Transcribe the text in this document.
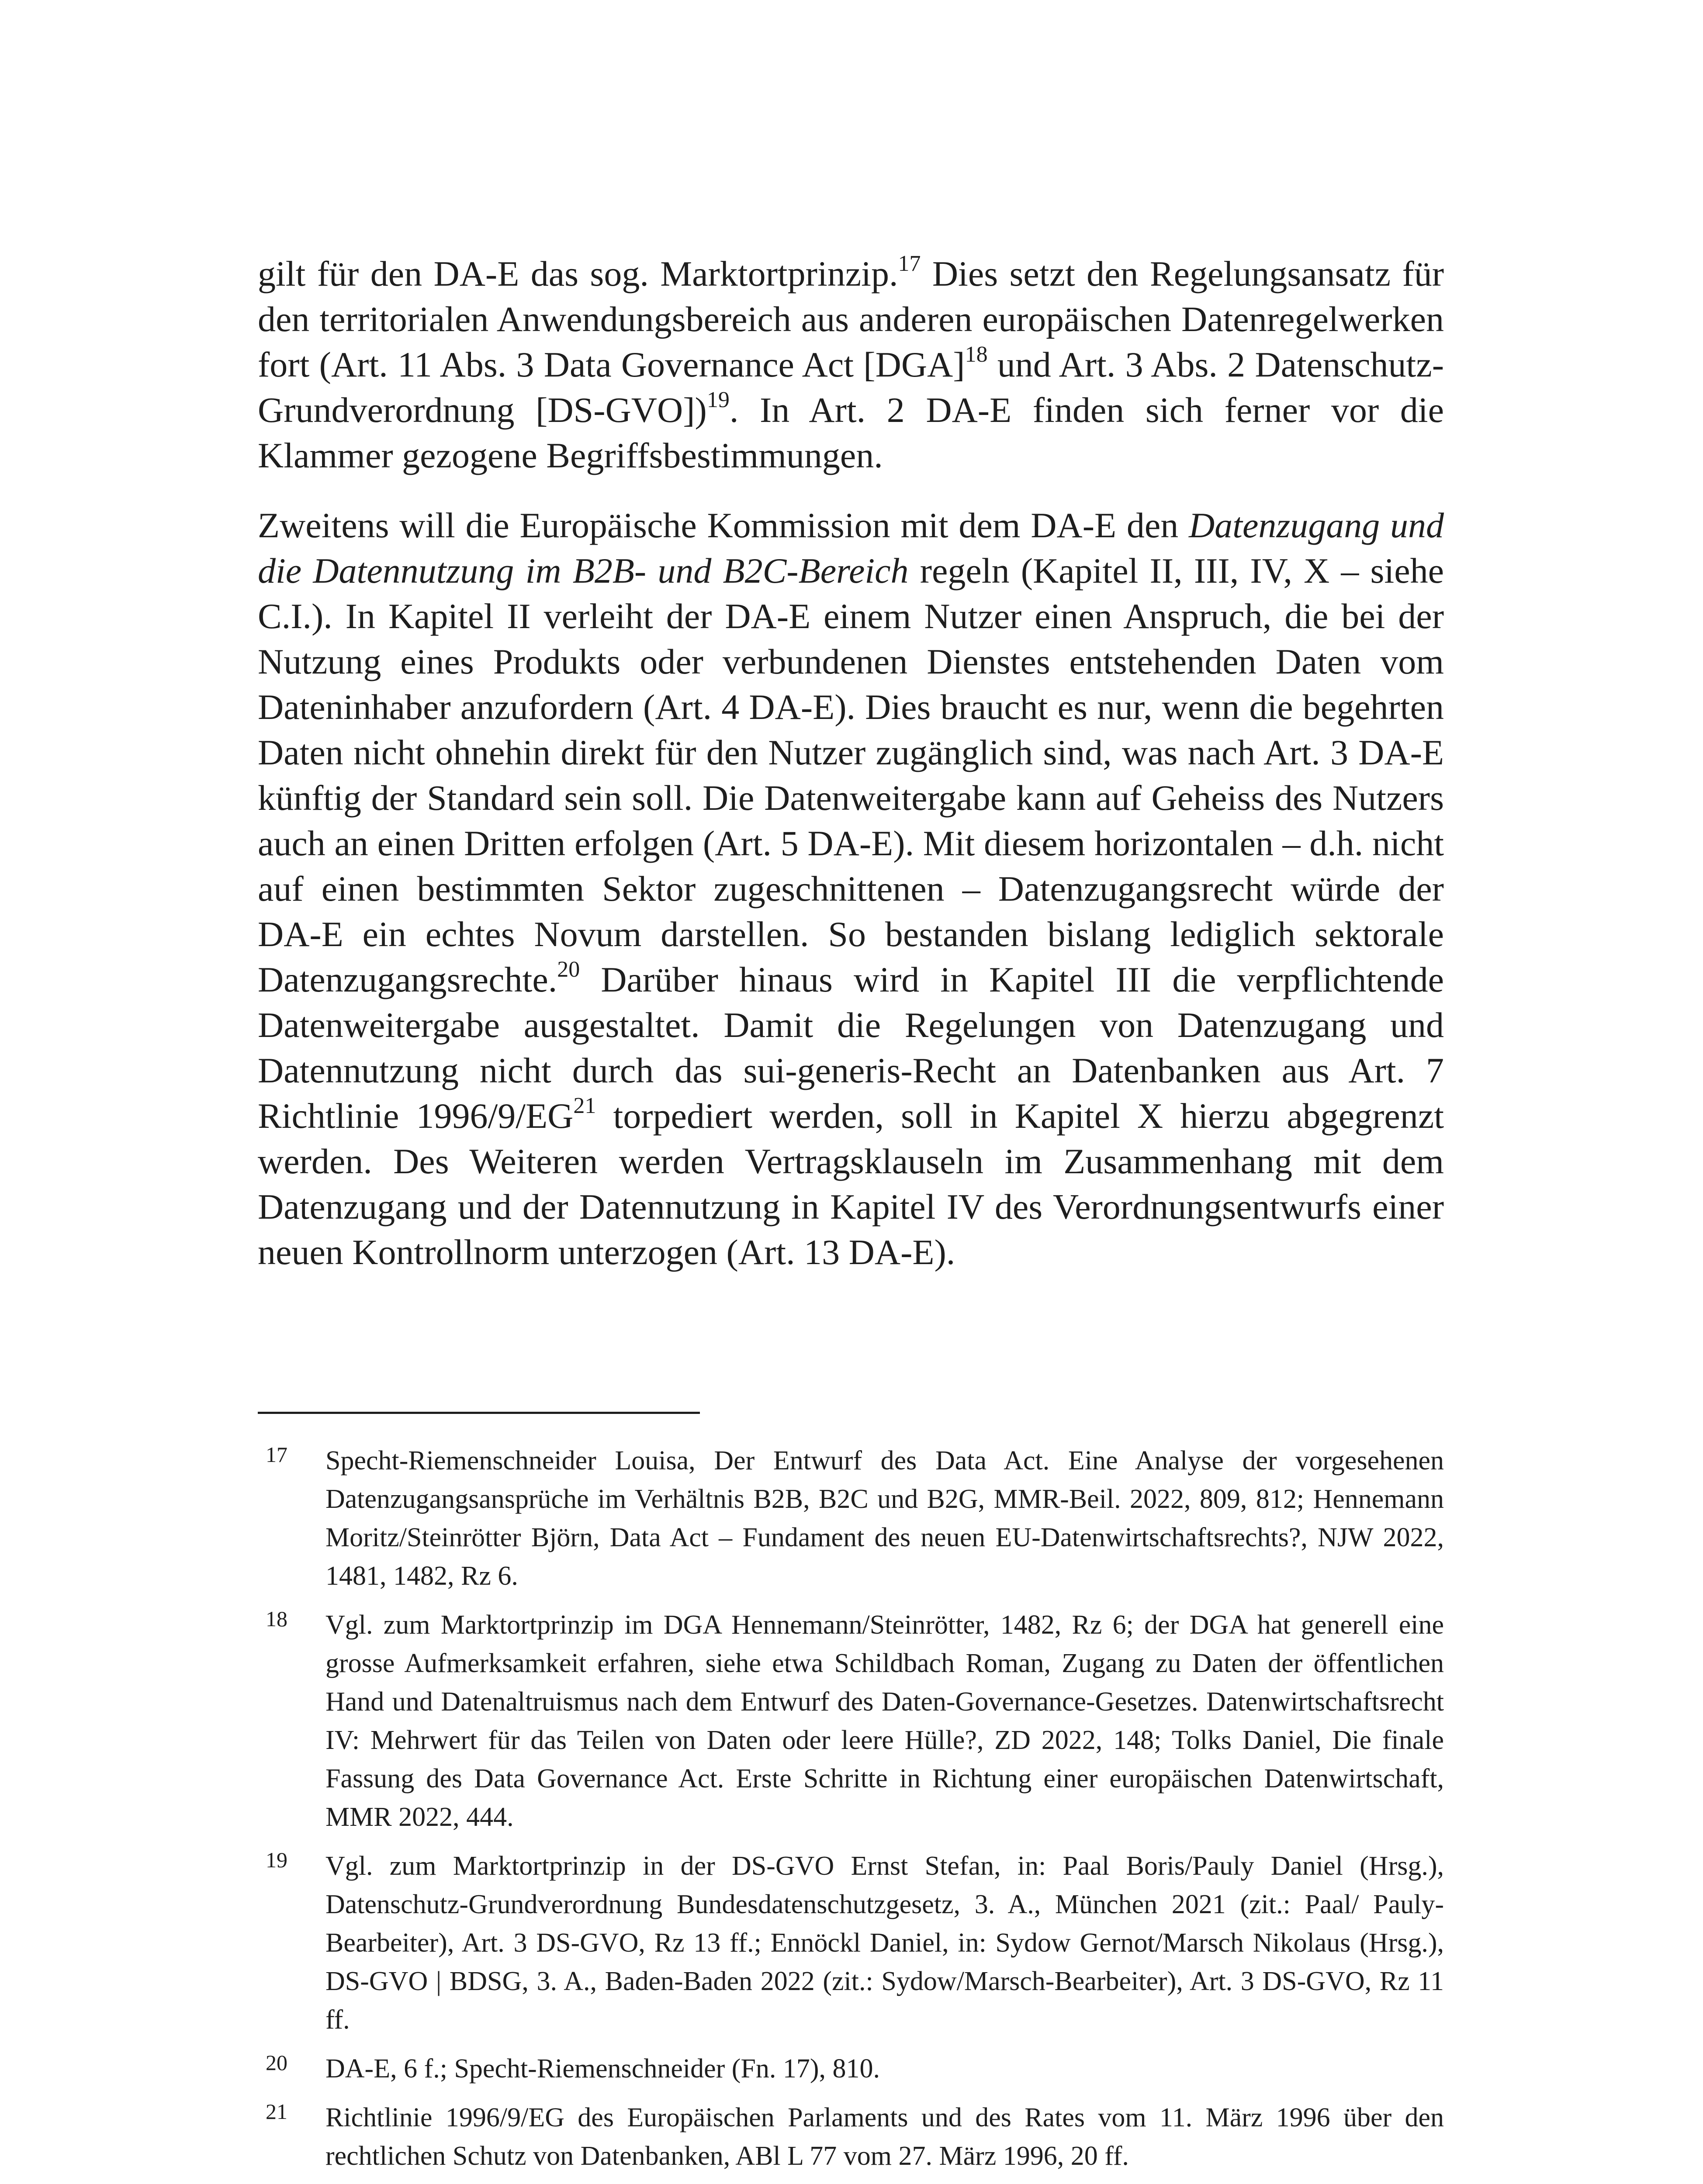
gilt für den DA-E das sog. Marktortprinzip.$^{17}$ Dies setzt den Regelungsansatz für den territorialen Anwendungsbereich aus anderen europäischen Datenregelwerken fort (Art. 11 Abs. 3 Data Governance Act [DGA]$^{18}$ und Art. 3 Abs. 2 Datenschutz-Grundverordnung [DS-GVO])$^{19}$. In Art. 2 DA-E finden sich ferner vor die Klammer gezogene Begriffsbestimmungen.

Zweitens will die Europäische Kommission mit dem DA-E den Datenzugang und die Datennutzung im B2B- und B2C-Bereich regeln (Kapitel II, III, IV, X – siehe C.I.). In Kapitel II verleiht der DA-E einem Nutzer einen Anspruch, die bei der Nutzung eines Produkts oder verbundenen Dienstes entstehenden Daten vom Dateninhaber anzufordern (Art. 4 DA-E). Dies braucht es nur, wenn die begehrten Daten nicht ohnehin direkt für den Nutzer zugänglich sind, was nach Art. 3 DA-E künftig der Standard sein soll. Die Datenweitergabe kann auf Geheiss des Nutzers auch an einen Dritten erfolgen (Art. 5 DA-E). Mit diesem horizontalen – d.h. nicht auf einen bestimmten Sektor zugeschnittenen – Datenzugangsrecht würde der DA-E ein echtes Novum darstellen. So bestanden bislang lediglich sektorale Datenzugangsrechte.$^{20}$ Darüber hinaus wird in Kapitel III die verpflichtende Datenweitergabe ausgestaltet. Damit die Regelungen von Datenzugang und Datennutzung nicht durch das sui-generis-Recht an Datenbanken aus Art. 7 Richtlinie 1996/9/EG$^{21}$ torpediert werden, soll in Kapitel X hierzu abgegrenzt werden. Des Weiteren werden Vertragsklauseln im Zusammenhang mit dem Datenzugang und der Datennutzung in Kapitel IV des Verordnungsentwurfs einer neuen Kontrollnorm unterzogen (Art. 13 DA-E).

17	Specht-Riemenschneider Louisa, Der Entwurf des Data Act. Eine Analyse der vorgesehenen Datenzugangsansprüche im Verhältnis B2B, B2C und B2G, MMR-Beil. 2022, 809, 812; Hennemann Moritz/Steinrötter Björn, Data Act – Fundament des neuen EU-Datenwirtschaftsrechts?, NJW 2022, 1481, 1482, Rz 6.
18	Vgl. zum Marktortprinzip im DGA Hennemann/Steinrötter, 1482, Rz 6; der DGA hat generell eine grosse Aufmerksamkeit erfahren, siehe etwa Schildbach Roman, Zugang zu Daten der öffentlichen Hand und Datenaltruismus nach dem Entwurf des Daten-Governance-Gesetzes. Datenwirtschaftsrecht IV: Mehrwert für das Teilen von Daten oder leere Hülle?, ZD 2022, 148; Tolks Daniel, Die finale Fassung des Data Governance Act. Erste Schritte in Richtung einer europäischen Datenwirtschaft, MMR 2022, 444.
19	Vgl. zum Marktortprinzip in der DS-GVO Ernst Stefan, in: Paal Boris/Pauly Daniel (Hrsg.), Datenschutz-Grundverordnung Bundesdatenschutzgesetz, 3. A., München 2021 (zit.: Paal/ Pauly-Bearbeiter), Art. 3 DS-GVO, Rz 13 ff.; Ennöckl Daniel, in: Sydow Gernot/Marsch Nikolaus (Hrsg.), DS-GVO | BDSG, 3. A., Baden-Baden 2022 (zit.: Sydow/Marsch-Bearbeiter), Art. 3 DS-GVO, Rz 11 ff.
20	DA-E, 6 f.; Specht-Riemenschneider (Fn. 17), 810.
21	Richtlinie 1996/9/EG des Europäischen Parlaments und des Rates vom 11. März 1996 über den rechtlichen Schutz von Datenbanken, ABl L 77 vom 27. März 1996, 20 ff.
